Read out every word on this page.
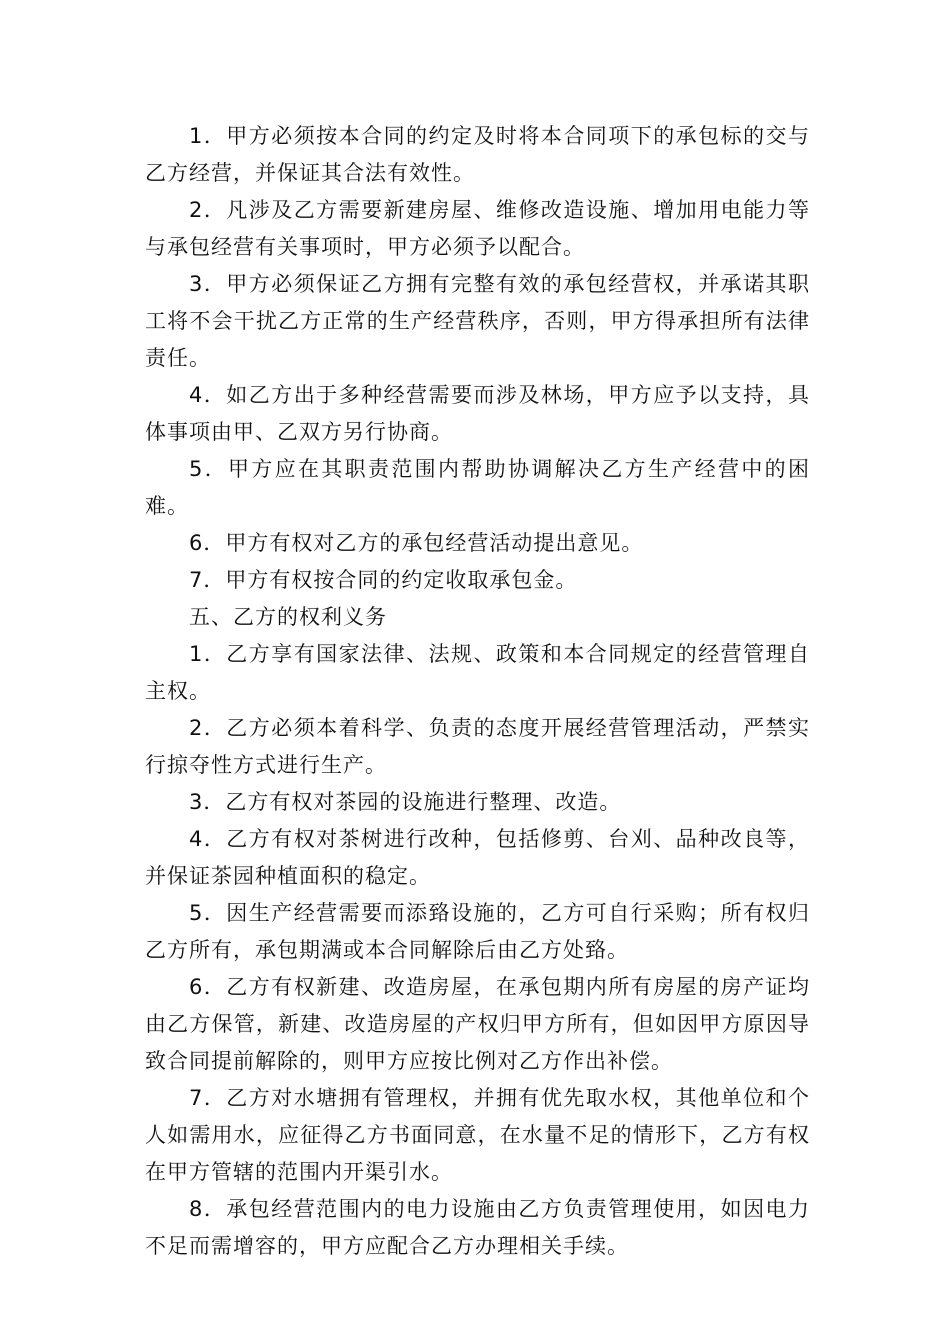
1．甲方必须按本合同的约定及时将本合同项下的承包标的交与乙方经营，并保证其合法有效性。

2．凡涉及乙方需要新建房屋、维修改造设施、增加用电能力等与承包经营有关事项时，甲方必须予以配合。

3．甲方必须保证乙方拥有完整有效的承包经营权，并承诺其职工将不会干扰乙方正常的生产经营秩序，否则，甲方得承担所有法律责任。

4．如乙方出于多种经营需要而涉及林场，甲方应予以支持，具体事项由甲、乙双方另行协商。

5．甲方应在其职责范围内帮助协调解决乙方生产经营中的困难。

6．甲方有权对乙方的承包经营活动提出意见。

7．甲方有权按合同的约定收取承包金。

五、乙方的权利义务

1．乙方享有国家法律、法规、政策和本合同规定的经营管理自主权。

2．乙方必须本着科学、负责的态度开展经营管理活动，严禁实行掠夺性方式进行生产。

3．乙方有权对茶园的设施进行整理、改造。

4．乙方有权对茶树进行改种，包括修剪、台刈、品种改良等，并保证茶园种植面积的稳定。

5．因生产经营需要而添臵设施的，乙方可自行采购；所有权归乙方所有，承包期满或本合同解除后由乙方处臵。

6．乙方有权新建、改造房屋，在承包期内所有房屋的房产证均由乙方保管，新建、改造房屋的产权归甲方所有，但如因甲方原因导致合同提前解除的，则甲方应按比例对乙方作出补偿。

7．乙方对水塘拥有管理权，并拥有优先取水权，其他单位和个人如需用水，应征得乙方书面同意，在水量不足的情形下，乙方有权在甲方管辖的范围内开渠引水。

8．承包经营范围内的电力设施由乙方负责管理使用，如因电力不足而需增容的，甲方应配合乙方办理相关手续。
